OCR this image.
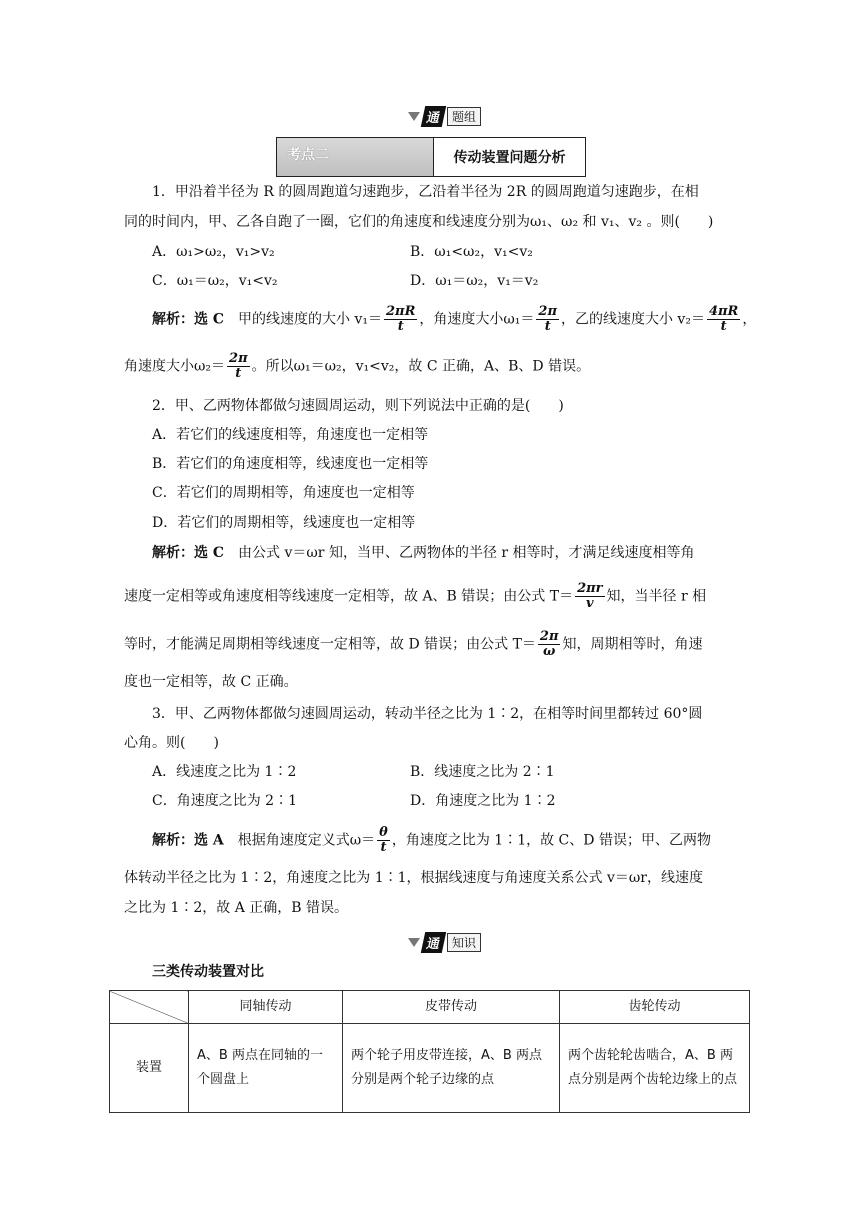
通 题组
考点二	传动装置问题分析
1．甲沿着半径为 R 的圆周跑道匀速跑步，乙沿着半径为 2R 的圆周跑道匀速跑步，在相
同的时间内，甲、乙各自跑了一圈，它们的角速度和线速度分别为ω₁、ω₂ 和 v₁、v₂ 。则(　　)
A．ω₁>ω₂，v₁>v₂	B．ω₁<ω₂，v₁<v₂
C．ω₁＝ω₂，v₁<v₂	D．ω₁＝ω₂，v₁＝v₂
解析：选 C　 甲的线速度的大小 $v_1= \frac{2\pi R}{t}$ ，角速度大小$\omega_1= \frac{2\pi}{t}$ ，乙的线速度大小 $v_2= \frac{4\pi R}{t}$ ，
角速度大小$\omega_2= \frac{2\pi}{t}$ 。所以ω₁＝ω₂，v₁<v₂，故 C 正确，A、B、D 错误。
2．甲、乙两物体都做匀速圆周运动，则下列说法中正确的是(　　)
A．若它们的线速度相等，角速度也一定相等
B．若它们的角速度相等，线速度也一定相等
C．若它们的周期相等，角速度也一定相等
D．若它们的周期相等，线速度也一定相等
解析：选 C　 由公式 v＝ωr 知，当甲、乙两物体的半径 r 相等时，才满足线速度相等角
速度一定相等或角速度相等线速度一定相等，故 A、B 错误；由公式 $T= \frac{2\pi r}{v}$ 知，当半径 r 相
等时，才能满足周期相等线速度一定相等，故 D 错误；由公式 $T= \frac{2\pi}{\omega}$ 知，周期相等时，角速
度也一定相等，故 C 正确。
3．甲、乙两物体都做匀速圆周运动，转动半径之比为 1∶2，在相等时间里都转过 60°圆
心角。则(　　)
A．线速度之比为 1∶2	B．线速度之比为 2∶1
C．角速度之比为 2∶1	D．角速度之比为 1∶2
解析：选 A　 根据角速度定义式$\omega= \frac{\theta}{t}$ ，角速度之比为 1∶1，故 C、D 错误；甲、乙两物
体转动半径之比为 1∶2，角速度之比为 1∶1，根据线速度与角速度关系公式 v＝ωr，线速度
之比为 1∶2，故 A 正确，B 错误。
通 知识
三类传动装置对比
	同轴传动	皮带传动	齿轮传动
装置	A、B 两点在同轴的一个圆盘上	两个轮子用皮带连接，A、B 两点分别是两个轮子边缘的点	两个齿轮轮齿啮合，A、B 两点分别是两个齿轮边缘上的点
